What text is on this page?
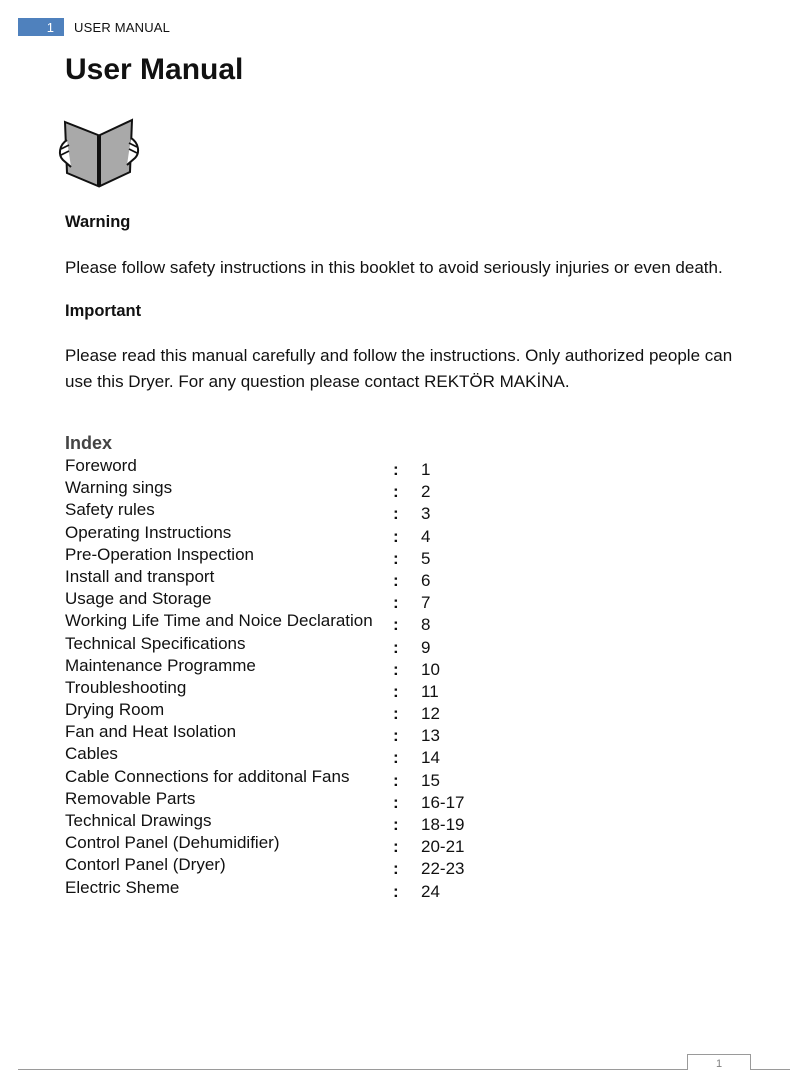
1	USER MANUAL
User Manual
Warning

Please follow safety instructions in this booklet to avoid seriously injuries or even death.

Important

Please read this manual carefully and follow the instructions. Only authorized people can use this Dryer. For any question please contact REKTÖR MAKİNA.

Index
Foreword	: 1
Warning sings	: 2
Safety rules	: 3
Operating Instructions	: 4
Pre-Operation Inspection	: 5
Install and transport	: 6
Usage and Storage	: 7
Working Life Time and Noice Declaration : 8
Technical Specifications	: 9
Maintenance Programme	: 10
Troubleshooting	: 11
Drying Room	: 12
Fan and Heat Isolation	: 13
Cables	: 14
Cable Connections for additonal Fans	: 15
Removable Parts	: 16-17
Technical Drawings	: 18-19
Control Panel (Dehumidifier)	: 20-21
Contorl Panel (Dryer)	: 22-23
Electric Sheme	: 24
1
